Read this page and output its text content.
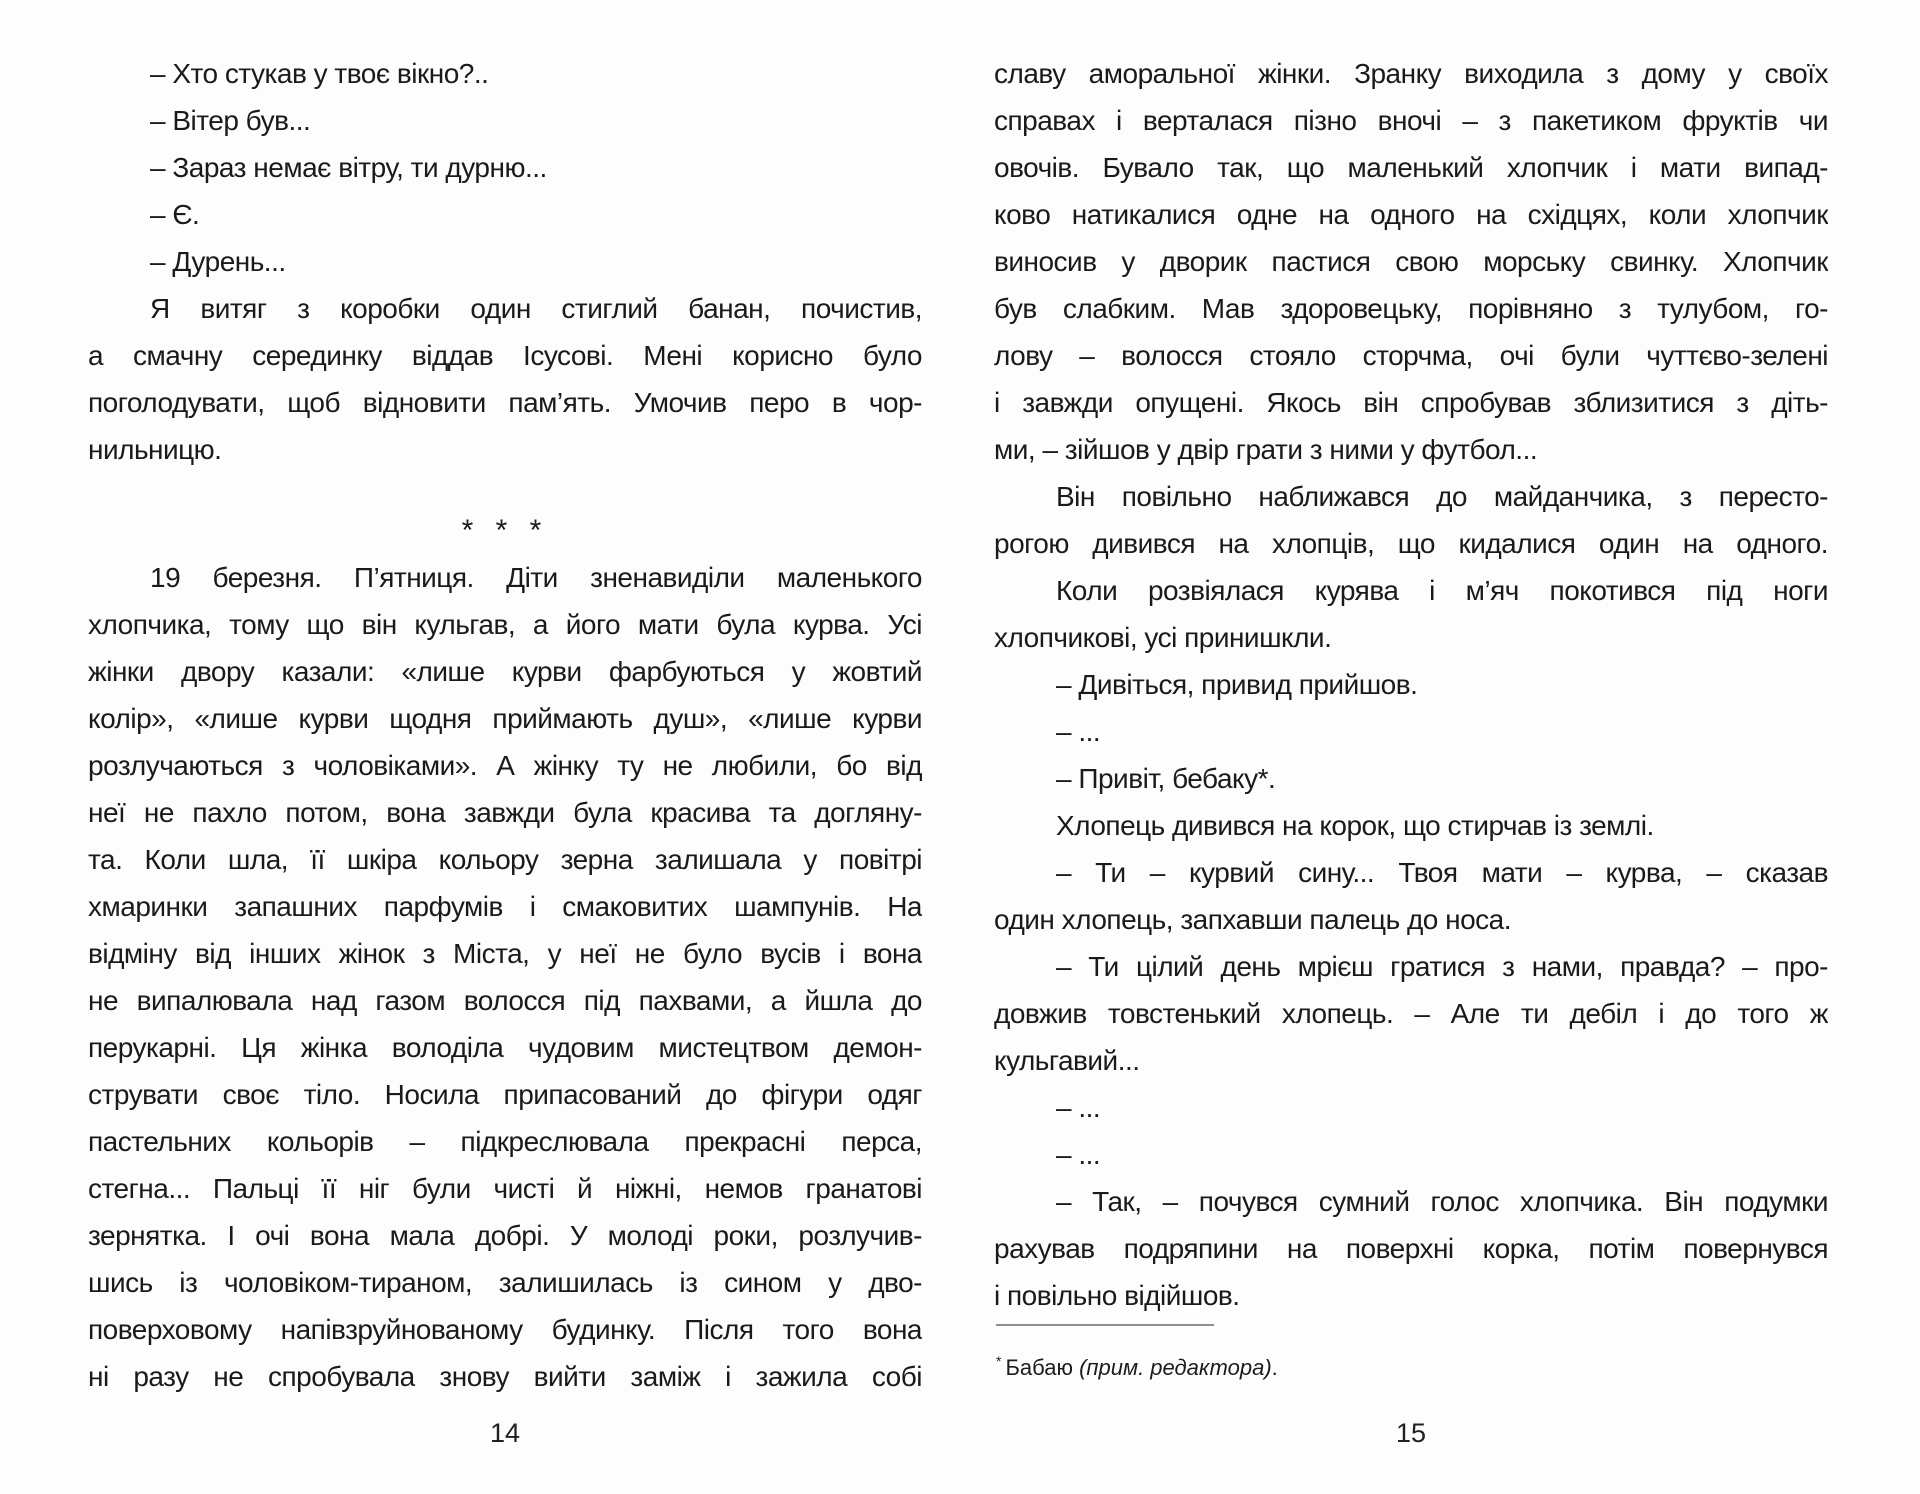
– Хто стукав у твоє вікно?..
– Вітер був...
– Зараз немає вітру, ти дурню...
– Є.
– Дурень...
Я витяг з коробки один стиглий банан, почистив,
а смачну серединку віддав Ісусові. Мені корисно було
поголодувати, щоб відновити пам’ять. Умочив перо в чор-
нильницю.
* * *
19 березня. П’ятниця. Діти зненавиділи маленького
хлопчика, тому що він кульгав, а його мати була курва. Усі
жінки двору казали: «лише курви фарбуються у жовтий
колір», «лише курви щодня приймають душ», «лише курви
розлучаються з чоловіками». А жінку ту не любили, бо від
неї не пахло потом, вона завжди була красива та догляну-
та. Коли шла, її шкіра кольору зерна залишала у повітрі
хмаринки запашних парфумів і смаковитих шампунів. На
відміну від інших жінок з Міста, у неї не було вусів і вона
не випалювала над газом волосся під пахвами, а йшла до
перукарні. Ця жінка володіла чудовим мистецтвом демон-
струвати своє тіло. Носила припасований до фігури одяг
пастельних кольорів – підкреслювала прекрасні перса,
стегна... Пальці її ніг були чисті й ніжні, немов гранатові
зернятка. І очі вона мала добрі. У молоді роки, розлучив-
шись із чоловіком-тираном, залишилась із сином у дво-
поверховому напівзруйнованому будинку. Після того вона
ні разу не спробувала знову вийти заміж і зажила собі
14
славу аморальної жінки. Зранку виходила з дому у своїх
справах і верталася пізно вночі – з пакетиком фруктів чи
овочів. Бувало так, що маленький хлопчик і мати випад-
ково натикалися одне на одного на східцях, коли хлопчик
виносив у дворик пастися свою морську свинку. Хлопчик
був слабким. Мав здоровецьку, порівняно з тулубом, го-
лову – волосся стояло сторчма, очі були чуттєво-зелені
і завжди опущені. Якось він спробував зблизитися з діть-
ми, – зійшов у двір грати з ними у футбол...
Він повільно наближався до майданчика, з пересто-
рогою дивився на хлопців, що кидалися один на одного.
Коли розвіялася курява і м’яч покотився під ноги
хлопчикові, усі принишкли.
– Дивіться, привид прийшов.
– ...
– Привіт, бебаку*.
Хлопець дивився на корок, що стирчав із землі.
– Ти – курвий сину... Твоя мати – курва, – сказав
один хлопець, запхавши палець до носа.
– Ти цілий день мрієш гратися з нами, правда? – про-
довжив товстенький хлопець. – Але ти дебіл і до того ж
кульгавий...
– ...
– ...
– Так, – почувся сумний голос хлопчика. Він подумки
рахував подряпини на поверхні корка, потім повернувся
і повільно відійшов.
* Бабаю (прим. редактора).
15
